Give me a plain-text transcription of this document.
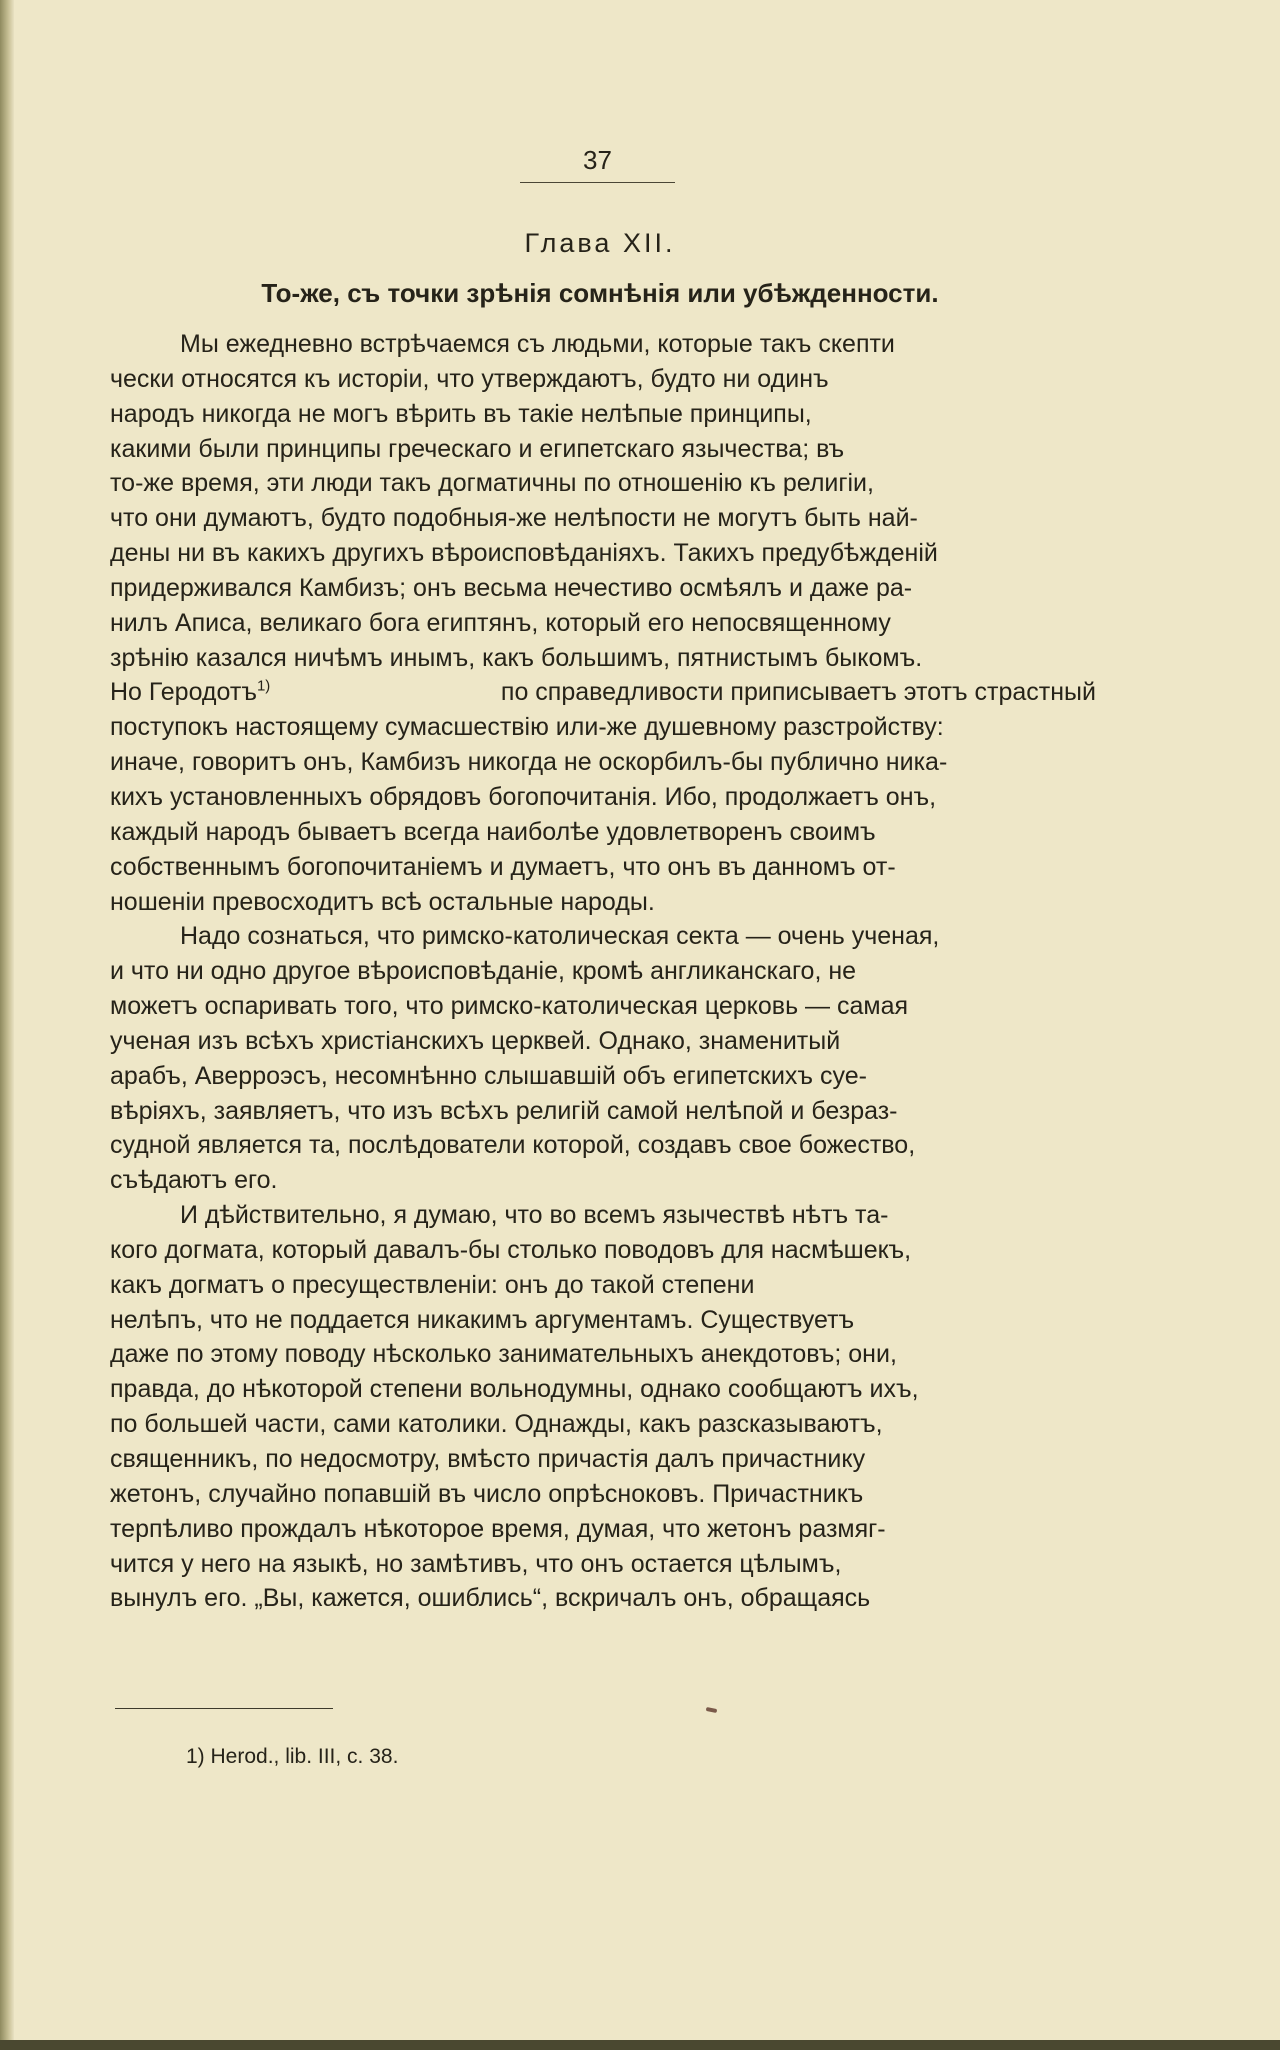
37
Глава XII.
То-же, съ точки зрѣнія сомнѣнія или убѣжденности.
Мы ежедневно встрѣчаемся съ людьми, которые такъ скепти
чески относятся къ исторіи, что утверждаютъ, будто ни одинъ
народъ никогда не могъ вѣрить въ такіе нелѣпые принципы,
какими были принципы греческаго и египетскаго язычества; въ
то-же время, эти люди такъ догматичны по отношенію къ религіи,
что они думаютъ, будто подобныя-же нелѣпости не могутъ быть най-
дены ни въ какихъ другихъ вѣроисповѣданіяхъ. Такихъ предубѣжденій
придерживался Камбизъ; онъ весьма нечестиво осмѣялъ и даже ра-
нилъ Аписа, великаго бога египтянъ, который его непосвященному
зрѣнію казался ничѣмъ инымъ, какъ большимъ, пятнистымъ быкомъ.
Но Геродотъ$^{1)}$	по справедливости приписываетъ этотъ страстный
поступокъ настоящему сумасшествію или-же душевному разстройству:
иначе, говоритъ онъ, Камбизъ никогда не оскорбилъ-бы публично ника-
кихъ установленныхъ обрядовъ богопочитанія. Ибо, продолжаетъ онъ,
каждый народъ бываетъ всегда наиболѣе удовлетворенъ своимъ
собственнымъ богопочитаніемъ и думаетъ, что онъ въ данномъ от-
ношеніи превосходитъ всѣ остальные народы.
Надо сознаться, что римско-католическая секта — очень ученая,
и что ни одно другое вѣроисповѣданіе, кромѣ англиканскаго, не
можетъ оспаривать того, что римско-католическая церковь — самая
ученая изъ всѣхъ христіанскихъ церквей. Однако, знаменитый
арабъ, Аверроэсъ, несомнѣнно слышавшій объ египетскихъ суе-
вѣріяхъ, заявляетъ, что изъ всѣхъ религій самой нелѣпой и безраз-
судной является та, послѣдователи которой, создавъ свое божество,
съѣдаютъ его.
И дѣйствительно, я думаю, что во всемъ язычествѣ нѣтъ та-
кого догмата, который давалъ-бы столько поводовъ для насмѣшекъ,
какъ догматъ о пресуществленіи: онъ до такой степени
нелѣпъ, что не поддается никакимъ аргументамъ. Существуетъ
даже по этому поводу нѣсколько занимательныхъ анекдотовъ; они,
правда, до нѣкоторой степени вольнодумны, однако сообщаютъ ихъ,
по большей части, сами католики. Однажды, какъ разсказываютъ,
священникъ, по недосмотру, вмѣсто причастія далъ причастнику
жетонъ, случайно попавшій въ число опрѣсноковъ. Причастникъ
терпѣливо прождалъ нѣкоторое время, думая, что жетонъ размяг-
чится у него на языкѣ, но замѣтивъ, что онъ остается цѣлымъ,
вынулъ его. „Вы, кажется, ошиблись“, вскричалъ онъ, обращаясь
1) Herod., lib. III, c. 38.
